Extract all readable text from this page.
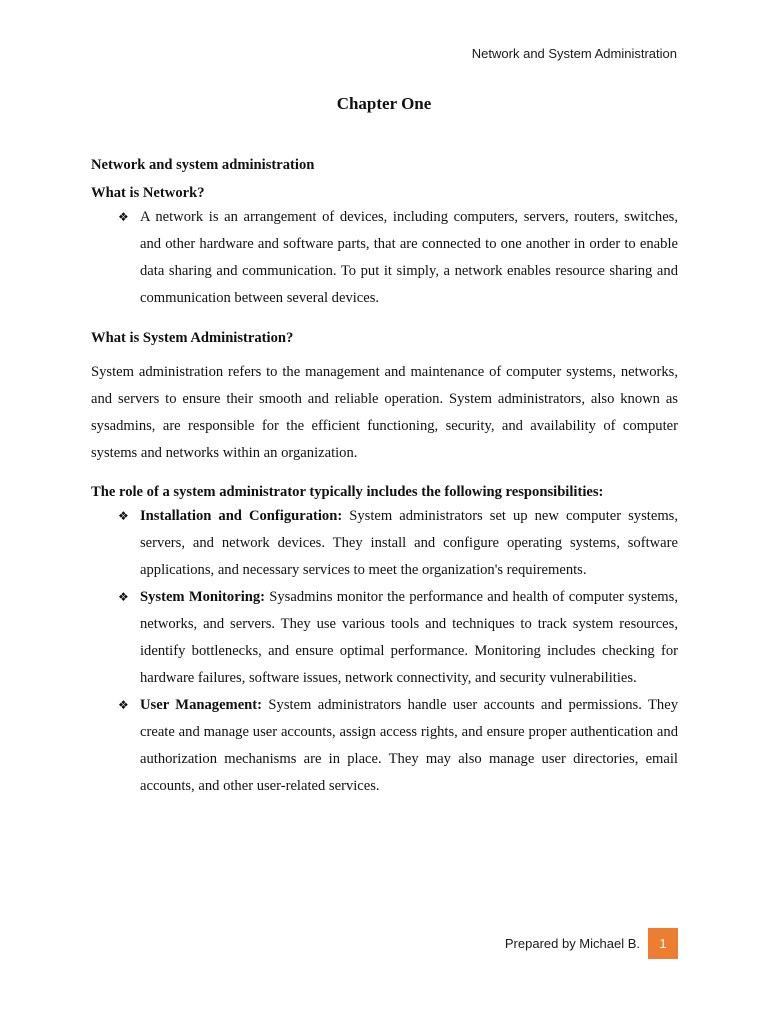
Network and System Administration
Chapter One

Network and system administration

What is Network?

❖ A network is an arrangement of devices, including computers, servers, routers, switches, and other hardware and software parts, that are connected to one another in order to enable data sharing and communication. To put it simply, a network enables resource sharing and communication between several devices.

What is System Administration?

System administration refers to the management and maintenance of computer systems, networks, and servers to ensure their smooth and reliable operation. System administrators, also known as sysadmins, are responsible for the efficient functioning, security, and availability of computer systems and networks within an organization.

The role of a system administrator typically includes the following responsibilities:

❖ Installation and Configuration: System administrators set up new computer systems, servers, and network devices. They install and configure operating systems, software applications, and necessary services to meet the organization's requirements.
❖ System Monitoring: Sysadmins monitor the performance and health of computer systems, networks, and servers. They use various tools and techniques to track system resources, identify bottlenecks, and ensure optimal performance. Monitoring includes checking for hardware failures, software issues, network connectivity, and security vulnerabilities.
❖ User Management: System administrators handle user accounts and permissions. They create and manage user accounts, assign access rights, and ensure proper authentication and authorization mechanisms are in place. They may also manage user directories, email accounts, and other user-related services.
Prepared by Michael B.	1
